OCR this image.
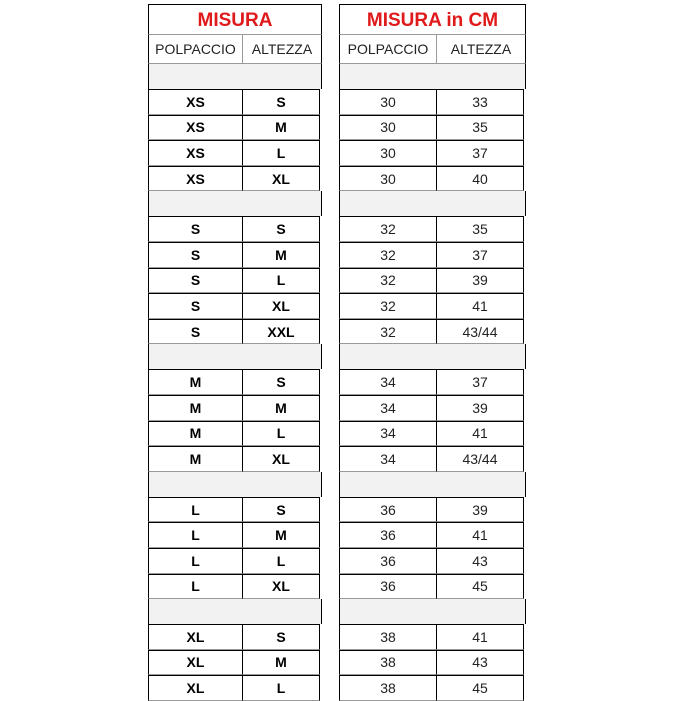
MISURA
POLPACCIO	ALTEZZA
XS	S
XS	M
XS	L
XS	XL
S	S
S	M
S	L
S	XL
S	XXL
M	S
M	M
M	L
M	XL
L	S
L	M
L	L
L	XL
XL	S
XL	M
XL	L
MISURA in CM
POLPACCIO	ALTEZZA
30	33
30	35
30	37
30	40
32	35
32	37
32	39
32	41
32	43/44
34	37
34	39
34	41
34	43/44
36	39
36	41
36	43
36	45
38	41
38	43
38	45
